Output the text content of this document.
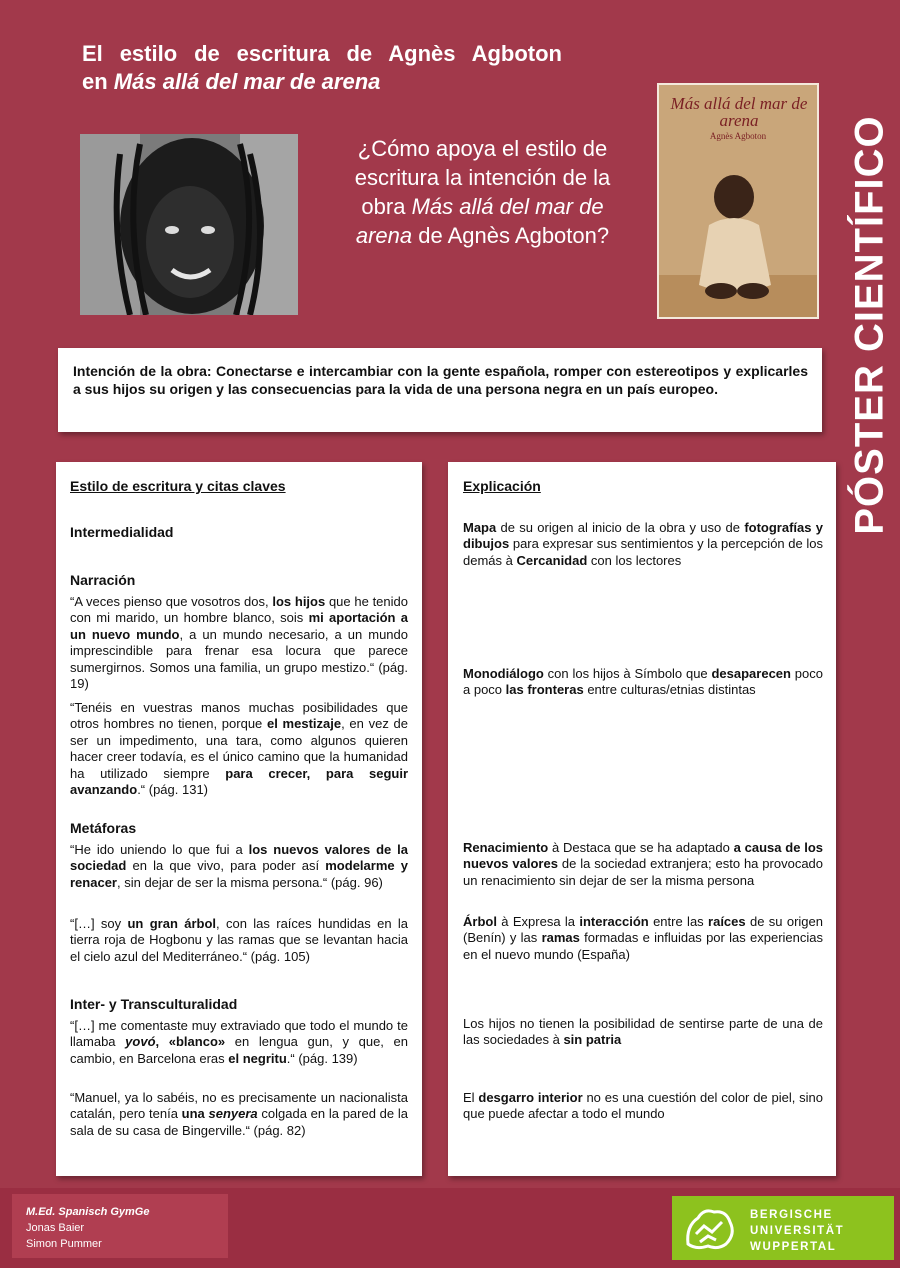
El estilo de escritura de Agnès Agboton
en Más allá del mar de arena
¿Cómo apoya el estilo de escritura la intención de la obra Más allá del mar de arena de Agnès Agboton?
Más allá del mar de arena
Agnès Agboton	PÓSTER CIENTÍFICO
Intención de la obra: Conectarse e intercambiar con la gente española, romper con estereotipos y explicarles a sus hijos su origen y las consecuencias para la vida de una persona negra en un país europeo.
Estilo de escritura y citas claves
Intermedialidad
Narración
“A veces pienso que vosotros dos, los hijos que he tenido con mi marido, un hombre blanco, sois mi aportación a un nuevo mundo, a un mundo necesario, a un mundo imprescindible para frenar esa locura que parece sumergirnos. Somos una familia, un grupo mestizo.“ (pág. 19)
“Tenéis en vuestras manos muchas posibilidades que otros hombres no tienen, porque el mestizaje, en vez de ser un impedimento, una tara, como algunos quieren hacer creer todavía, es el único camino que la humanidad ha utilizado siempre para crecer, para seguir avanzando.“ (pág. 131)
Metáforas
“He ido uniendo lo que fui a los nuevos valores de la sociedad en la que vivo, para poder así modelarme y renacer, sin dejar de ser la misma persona.“ (pág. 96)
“[…] soy un gran árbol, con las raíces hundidas en la tierra roja de Hogbonu y las ramas que se levantan hacia el cielo azul del Mediterráneo.“ (pág. 105)
Inter- y Transculturalidad
“[…] me comentaste muy extraviado que todo el mundo te llamaba yovó, «blanco» en lengua gun, y que, en cambio, en Barcelona eras el negritu.“ (pág. 139)
“Manuel, ya lo sabéis, no es precisamente un nacionalista catalán, pero tenía una senyera colgada en la pared de la sala de su casa de Bingerville.“ (pág. 82)
Explicación
Mapa de su origen al inicio de la obra y uso de fotografías y dibujos para expresar sus sentimientos y la percepción de los demás à Cercanidad con los lectores
Monodiálogo con los hijos à Símbolo que desaparecen poco a poco las fronteras entre culturas/etnias distintas
Renacimiento à Destaca que se ha adaptado a causa de los nuevos valores de la sociedad extranjera; esto ha provocado un renacimiento sin dejar de ser la misma persona
Árbol à Expresa la interacción entre las raíces de su origen (Benín) y las ramas formadas e influidas por las experiencias en el nuevo mundo (España)
Los hijos no tienen la posibilidad de sentirse parte de una de las sociedades à sin patria
El desgarro interior no es una cuestión del color de piel, sino que puede afectar a todo el mundo
M.Ed. Spanisch GymGe
Jonas Baier
Simon Pummer
BERGISCHE
UNIVERSITÄT
WUPPERTAL
